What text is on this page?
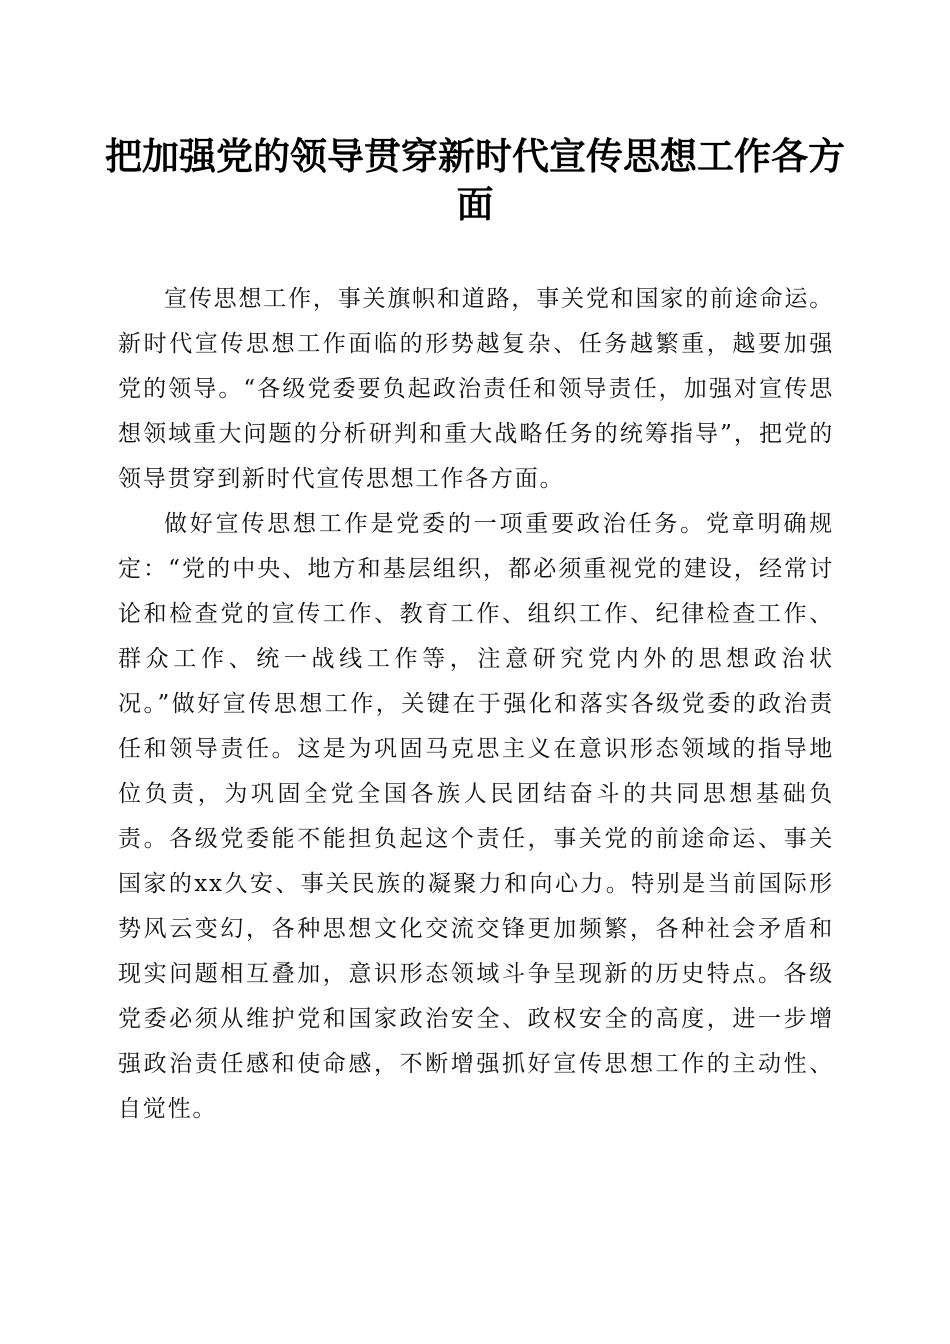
把加强党的领导贯穿新时代宣传思想工作各方面

宣传思想工作，事关旗帜和道路，事关党和国家的前途命运。新时代宣传思想工作面临的形势越复杂、任务越繁重，越要加强党的领导。“各级党委要负起政治责任和领导责任，加强对宣传思想领域重大问题的分析研判和重大战略任务的统筹指导”，把党的领导贯穿到新时代宣传思想工作各方面。

做好宣传思想工作是党委的一项重要政治任务。党章明确规定：“党的中央、地方和基层组织，都必须重视党的建设，经常讨论和检查党的宣传工作、教育工作、组织工作、纪律检查工作、群众工作、统一战线工作等，注意研究党内外的思想政治状况。”做好宣传思想工作，关键在于强化和落实各级党委的政治责任和领导责任。这是为巩固马克思主义在意识形态领域的指导地位负责，为巩固全党全国各族人民团结奋斗的共同思想基础负责。各级党委能不能担负起这个责任，事关党的前途命运、事关国家的xx久安、事关民族的凝聚力和向心力。特别是当前国际形势风云变幻，各种思想文化交流交锋更加频繁，各种社会矛盾和现实问题相互叠加，意识形态领域斗争呈现新的历史特点。各级党委必须从维护党和国家政治安全、政权安全的高度，进一步增强政治责任感和使命感，不断增强抓好宣传思想工作的主动性、自觉性。
